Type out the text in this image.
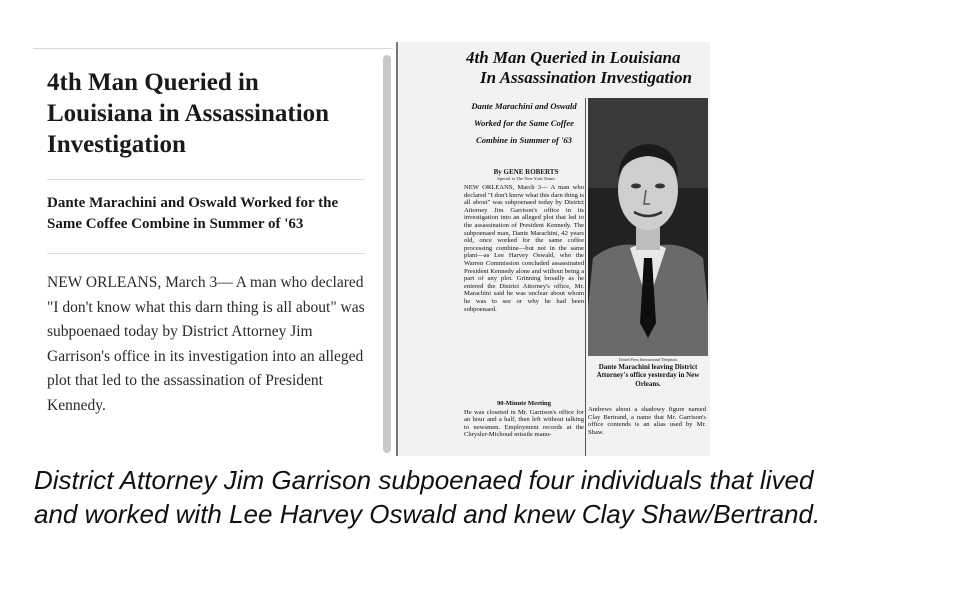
4th Man Queried in Louisiana in Assassination Investigation
Dante Marachini and Oswald Worked for the Same Coffee Combine in Summer of '63
NEW ORLEANS, March 3— A man who declared "I don't know what this darn thing is all about" was subpoenaed today by District Attorney Jim Garrison's office in its investigation into an alleged plot that led to the assassination of President Kennedy.
4th Man Queried in Louisiana
In Assassination Investigation
Dante Marachini and Oswald
Worked for the Same Coffee
Combine in Summer of '63
By GENE ROBERTS
Special to The New York Times
NEW ORLEANS, March 3— A man who declared "I don't know what this darn thing is all about" was subpoenaed today by District Attorney Jim Garrison's office in its investigation into an alleged plot that led to the assassination of President Kennedy. The subpoenaed man, Dante Marachini, 42 years old, once worked for the same coffee processing combine—but not in the same plant—as Lee Harvey Oswald, who the Warren Commission concluded assassinated President Kennedy alone and without being a part of any plot. Grinning broadly as he entered the District Attorney's office, Mr. Marachini said he was unclear about whom he was to see or why he had been subpoenaed.
90-Minute Meeting
He was closeted in Mr. Garrison's office for an hour and a half, then left without talking to newsmen. Employment records at the Chrysler-Michoud missile manu-
United Press International Telephoto
Dante Marachini leaving District Attorney's office yesterday in New Orleans.
Andrews about a shadowy figure named Clay Bertrand, a name that Mr. Garrison's office contends is an alias used by Mr. Shaw.
District Attorney Jim Garrison subpoenaed four individuals that lived
and worked with Lee Harvey Oswald and knew Clay Shaw/Bertrand.
